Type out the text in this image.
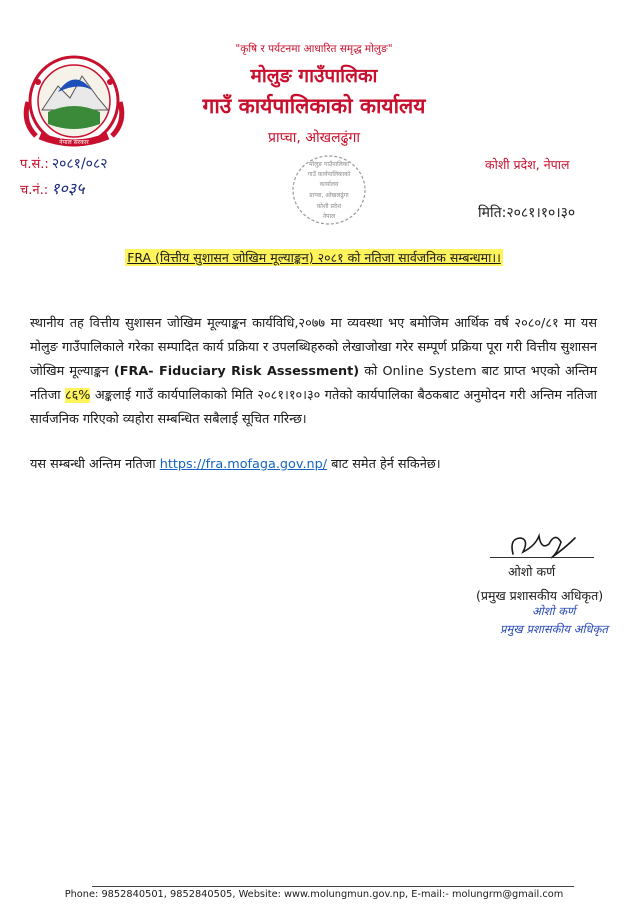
"कृषि र पर्यटनमा आधारित समृद्ध मोलुङ"
मोलुङ गाउँपालिका
गाउँ कार्यपालिकाको कार्यालय
प्राप्चा, ओखलढुंगा
नेपाल सरकार
प.सं.: २०८१/०८२
च.नं.: १०३५
कोशी प्रदेश, नेपाल
मोलुङ गाउँपालिका
गाउँ कार्यपालिकाको
कार्यालय
प्राप्चा, ओखलढुंगा
कोशी प्रदेश
नेपाल	मिति:२०८१।१०।३०
FRA (वित्तीय सुशासन जोखिम मूल्याङ्कन) २०८१ को नतिजा सार्वजनिक सम्बन्धमा।।
स्थानीय तह वित्तीय सुशासन जोखिम मूल्याङ्कन कार्यविधि,२०७७ मा व्यवस्था भए बमोजिम आर्थिक वर्ष २०८०/८१ मा यस मोलुङ गाउँपालिकाले गरेका सम्पादित कार्य प्रक्रिया र उपलब्धिहरुको लेखाजोखा गरेर सम्पूर्ण प्रक्रिया पूरा गरी वित्तीय सुशासन जोखिम मूल्याङ्कन (FRA- Fiduciary Risk Assessment) को Online System बाट प्राप्त भएको अन्तिम नतिजा ८६% अङ्कलाई गाउँ कार्यपालिकाको मिति २०८१।१०।३० गतेको कार्यपालिका बैठकबाट अनुमोदन गरी अन्तिम नतिजा सार्वजनिक गरिएको व्यहोरा सम्बन्धित सबैलाई सूचित गरिन्छ।
यस सम्बन्धी अन्तिम नतिजा https://fra.mofaga.gov.np/ बाट समेत हेर्न सकिनेछ।
ओशो कर्ण
(प्रमुख प्रशासकीय अधिकृत)
ओशो कर्ण
प्रमुख प्रशासकीय अधिकृत
Phone: 9852840501, 9852840505, Website: www.molungmun.gov.np, E-mail:- molungrm@gmail.com
